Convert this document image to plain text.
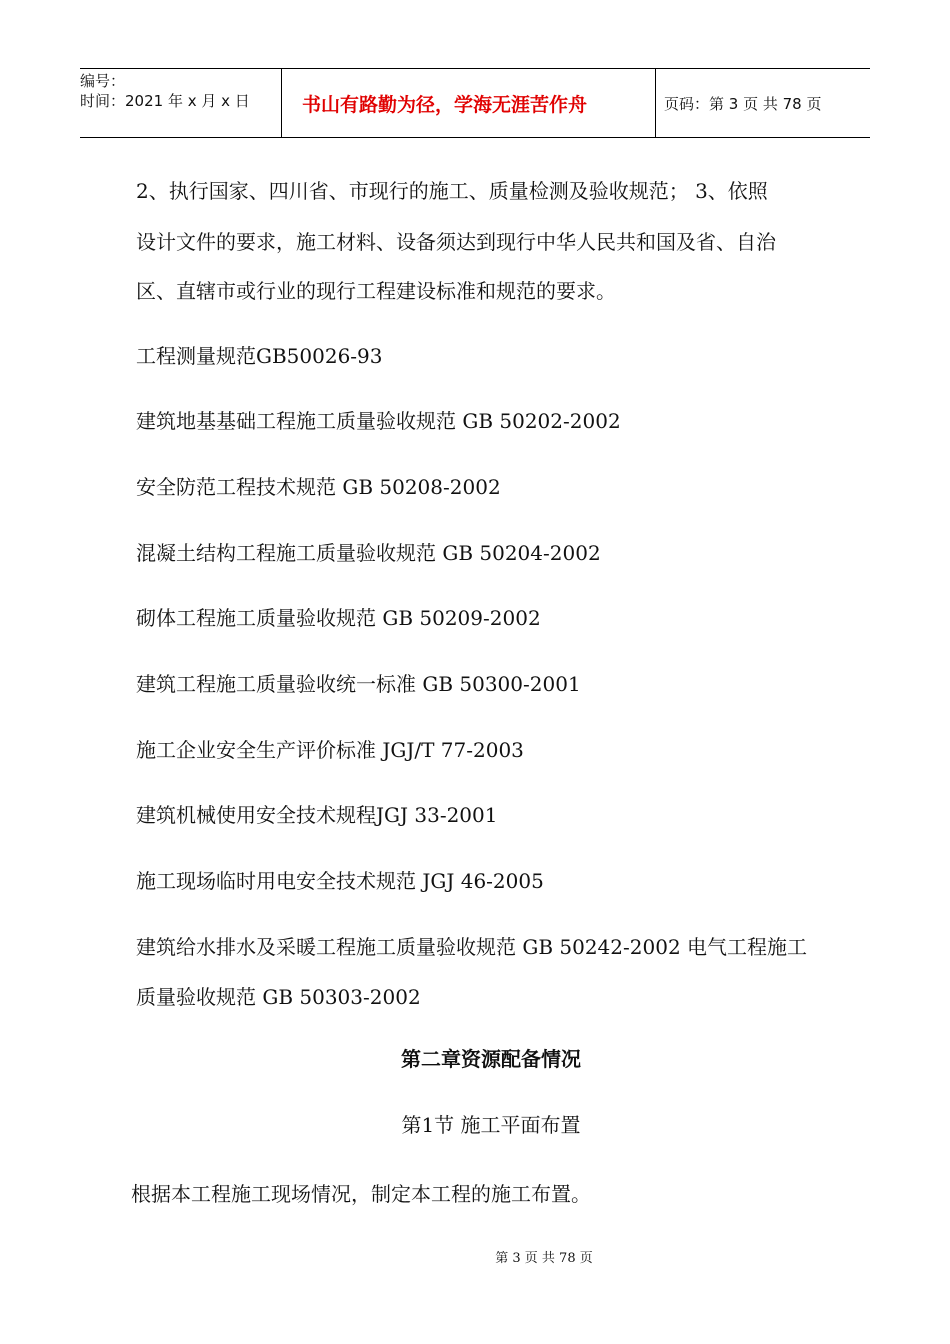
编号：
时间：2021 年 x 月 x 日	书山有路勤为径，学海无涯苦作舟	页码：第 3 页 共 78 页
2、执行国家、四川省、市现行的施工、质量检测及验收规范； 3、依照
设计文件的要求，施工材料、设备须达到现行中华人民共和国及省、自治
区、直辖市或行业的现行工程建设标准和规范的要求。
工程测量规范GB50026-93
建筑地基基础工程施工质量验收规范 GB 50202-2002
安全防范工程技术规范 GB 50208-2002
混凝土结构工程施工质量验收规范 GB 50204-2002
砌体工程施工质量验收规范 GB 50209-2002
建筑工程施工质量验收统一标准 GB 50300-2001
施工企业安全生产评价标准 JGJ/T 77-2003
建筑机械使用安全技术规程JGJ 33-2001
施工现场临时用电安全技术规范 JGJ 46-2005
建筑给水排水及采暖工程施工质量验收规范 GB 50242-2002 电气工程施工
质量验收规范 GB 50303-2002
第二章资源配备情况
第1节 施工平面布置
根据本工程施工现场情况，制定本工程的施工布置。
第 3 页 共 78 页
